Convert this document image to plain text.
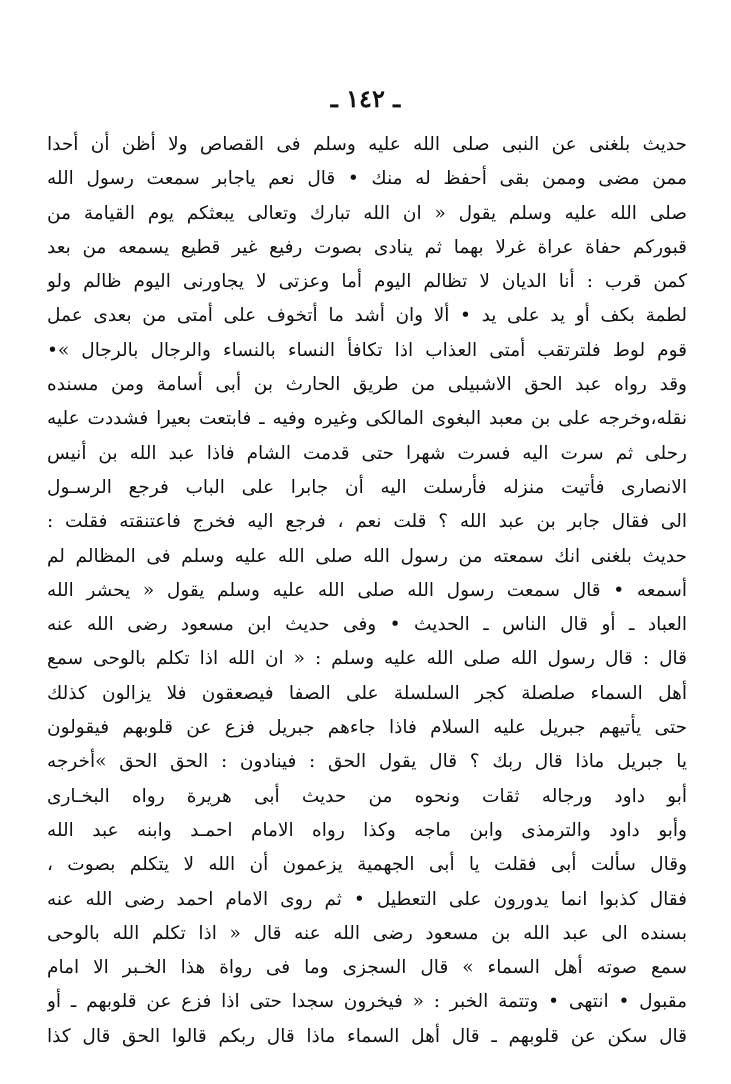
ـ ١٤٢ ـ
حديث بلغنى عن النبى صلى الله عليه وسلم فى القصاص ولا أظن أن أحدا
ممن مضى وممن بقى أحفظ له منك • قال نعم ياجابر سمعت رسول الله
صلى الله عليه وسلم يقول « ان الله تبارك وتعالى يبعثكم يوم القيامة من
قبوركم حفاة عراة غرلا بهما ثم ينادى بصوت رفيع غير قطيع يسمعه من بعد
كمن قرب : أنا الديان لا تظالم اليوم أما وعزتى لا يجاورنى اليوم ظالم ولو
لطمة بكف أو يد على يد • ألا وان أشد ما أتخوف على أمتى من بعدى عمل
قوم لوط فلترتقب أمتى العذاب اذا تكافأ النساء بالنساء والرجال بالرجال »•
وقد رواه عبد الحق الاشبيلى من طريق الحارث بن أبى أسامة ومن مسنده
نقله،وخرجه على بن معبد البغوى المالكى وغيره وفيه ـ فابتعت بعيرا فشددت عليه
رحلى ثم سرت اليه فسرت شهرا حتى قدمت الشام فاذا عبد الله بن أنيس
الانصارى فأتيت منزله فأرسلت اليه أن جابرا على الباب فرجع الرسـول
الى فقال جابر بن عبد الله ؟ قلت نعم ، فرجع اليه فخرج فاعتنقته فقلت :
حديث بلغنى انك سمعته من رسول الله صلى الله عليه وسلم فى المظالم لم
أسمعه • قال سمعت رسول الله صلى الله عليه وسلم يقول « يحشر الله
العباد ـ أو قال الناس ـ الحديث • وفى حديث ابن مسعود رضى الله عنه
قال : قال رسول الله صلى الله عليه وسلم : « ان الله اذا تكلم بالوحى سمع
أهل السماء صلصلة كجر السلسلة على الصفا فيصعقون فلا يزالون كذلك
حتى يأتيهم جبريل عليه السلام فاذا جاءهم جبريل فزع عن قلوبهم فيقولون
يا جبريل ماذا قال ربك ؟ قال يقول الحق : فينادون : الحق الحق »أخرجه
أبو داود ورجاله ثقات ونحوه من حديث أبى هريرة رواه البخـارى
وأبو داود والترمذى وابن ماجه وكذا رواه الامام احمـد وابنه عبد الله
وقال سألت أبى فقلت يا أبى الجهمية يزعمون أن الله لا يتكلم بصوت ،
فقال كذبوا انما يدورون على التعطيل • ثم روى الامام احمد رضى الله عنه
بسنده الى عبد الله بن مسعود رضى الله عنه قال « اذا تكلم الله بالوحى
سمع صوته أهل السماء » قال السجزى وما فى رواة هذا الخـبر الا امام
مقبول • انتهى • وتتمة الخبر : « فيخرون سجدا حتى اذا فزع عن قلوبهم ـ أو
قال سكن عن قلوبهم ـ قال أهل السماء ماذا قال ربكم قالوا الحق قال كذا
